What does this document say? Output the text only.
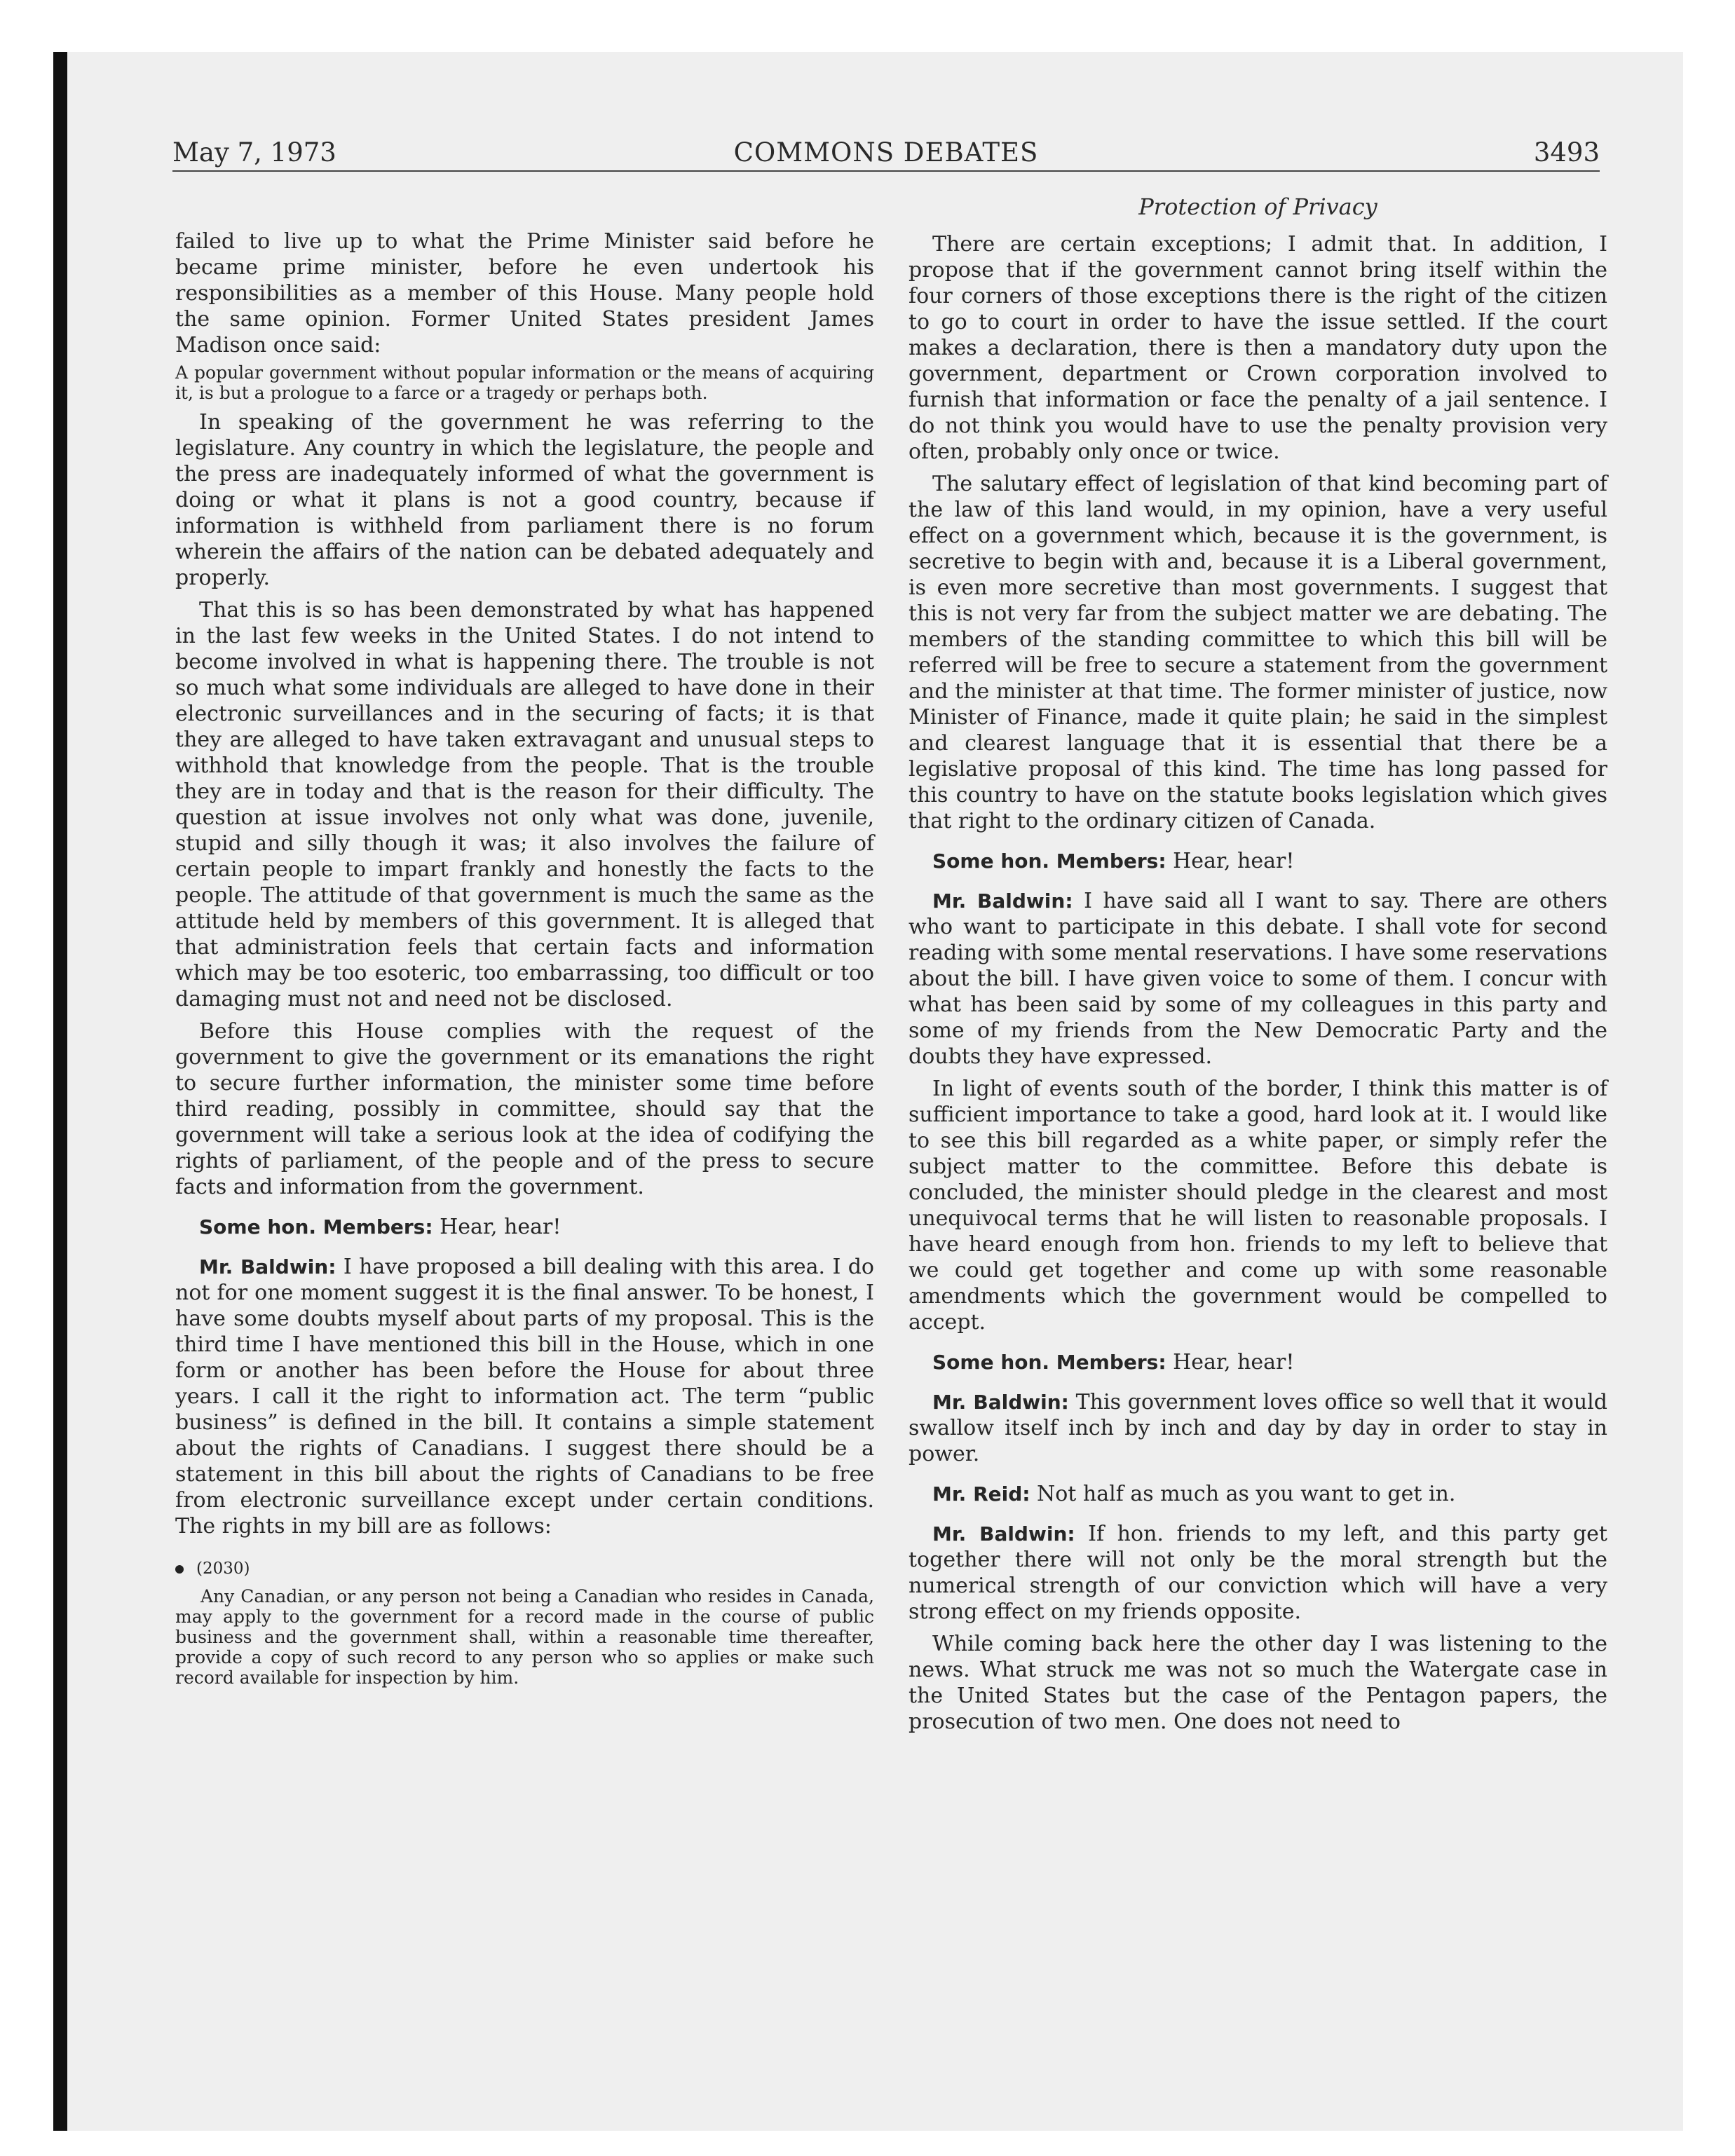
May 7, 1973	COMMONS DEBATES	3493
Protection of Privacy

failed to live up to what the Prime Minister said before he became prime minister, before he even undertook his responsibilities as a member of this House. Many people hold the same opinion. Former United States president James Madison once said:

A popular government without popular information or the means of acquiring it, is but a prologue to a farce or a tragedy or perhaps both.

In speaking of the government he was referring to the legislature. Any country in which the legislature, the people and the press are inadequately informed of what the government is doing or what it plans is not a good country, because if information is withheld from parliament there is no forum wherein the affairs of the nation can be debated adequately and properly.

That this is so has been demonstrated by what has happened in the last few weeks in the United States. I do not intend to become involved in what is happening there. The trouble is not so much what some individuals are alleged to have done in their electronic surveillances and in the securing of facts; it is that they are alleged to have taken extravagant and unusual steps to withhold that knowledge from the people. That is the trouble they are in today and that is the reason for their difficulty. The question at issue involves not only what was done, juvenile, stupid and silly though it was; it also involves the failure of certain people to impart frankly and honestly the facts to the people. The attitude of that government is much the same as the attitude held by members of this government. It is alleged that that administration feels that certain facts and information which may be too esoteric, too embarrassing, too difficult or too damaging must not and need not be disclosed.

Before this House complies with the request of the government to give the government or its emanations the right to secure further information, the minister some time before third reading, possibly in committee, should say that the government will take a serious look at the idea of codifying the rights of parliament, of the people and of the press to secure facts and information from the government.

Some hon. Members: Hear, hear!

Mr. Baldwin: I have proposed a bill dealing with this area. I do not for one moment suggest it is the final answer. To be honest, I have some doubts myself about parts of my proposal. This is the third time I have mentioned this bill in the House, which in one form or another has been before the House for about three years. I call it the right to information act. The term “public business” is defined in the bill. It contains a simple statement about the rights of Canadians. I suggest there should be a statement in this bill about the rights of Canadians to be free from electronic surveillance except under certain conditions. The rights in my bill are as follows:

(2030)

Any Canadian, or any person not being a Canadian who resides in Canada, may apply to the government for a record made in the course of public business and the government shall, within a reasonable time thereafter, provide a copy of such record to any person who so applies or make such record available for inspection by him.

There are certain exceptions; I admit that. In addition, I propose that if the government cannot bring itself within the four corners of those exceptions there is the right of the citizen to go to court in order to have the issue settled. If the court makes a declaration, there is then a mandatory duty upon the government, department or Crown corporation involved to furnish that information or face the penalty of a jail sentence. I do not think you would have to use the penalty provision very often, probably only once or twice.

The salutary effect of legislation of that kind becoming part of the law of this land would, in my opinion, have a very useful effect on a government which, because it is the government, is secretive to begin with and, because it is a Liberal government, is even more secretive than most governments. I suggest that this is not very far from the subject matter we are debating. The members of the standing committee to which this bill will be referred will be free to secure a statement from the government and the minister at that time. The former minister of justice, now Minister of Finance, made it quite plain; he said in the simplest and clearest language that it is essential that there be a legislative proposal of this kind. The time has long passed for this country to have on the statute books legislation which gives that right to the ordinary citizen of Canada.

Some hon. Members: Hear, hear!

Mr. Baldwin: I have said all I want to say. There are others who want to participate in this debate. I shall vote for second reading with some mental reservations. I have some reservations about the bill. I have given voice to some of them. I concur with what has been said by some of my colleagues in this party and some of my friends from the New Democratic Party and the doubts they have expressed.

In light of events south of the border, I think this matter is of sufficient importance to take a good, hard look at it. I would like to see this bill regarded as a white paper, or simply refer the subject matter to the committee. Before this debate is concluded, the minister should pledge in the clearest and most unequivocal terms that he will listen to reasonable proposals. I have heard enough from hon. friends to my left to believe that we could get together and come up with some reasonable amendments which the government would be compelled to accept.

Some hon. Members: Hear, hear!

Mr. Baldwin: This government loves office so well that it would swallow itself inch by inch and day by day in order to stay in power.

Mr. Reid: Not half as much as you want to get in.

Mr. Baldwin: If hon. friends to my left, and this party get together there will not only be the moral strength but the numerical strength of our conviction which will have a very strong effect on my friends opposite.

While coming back here the other day I was listening to the news. What struck me was not so much the Watergate case in the United States but the case of the Pentagon papers, the prosecution of two men. One does not need to
